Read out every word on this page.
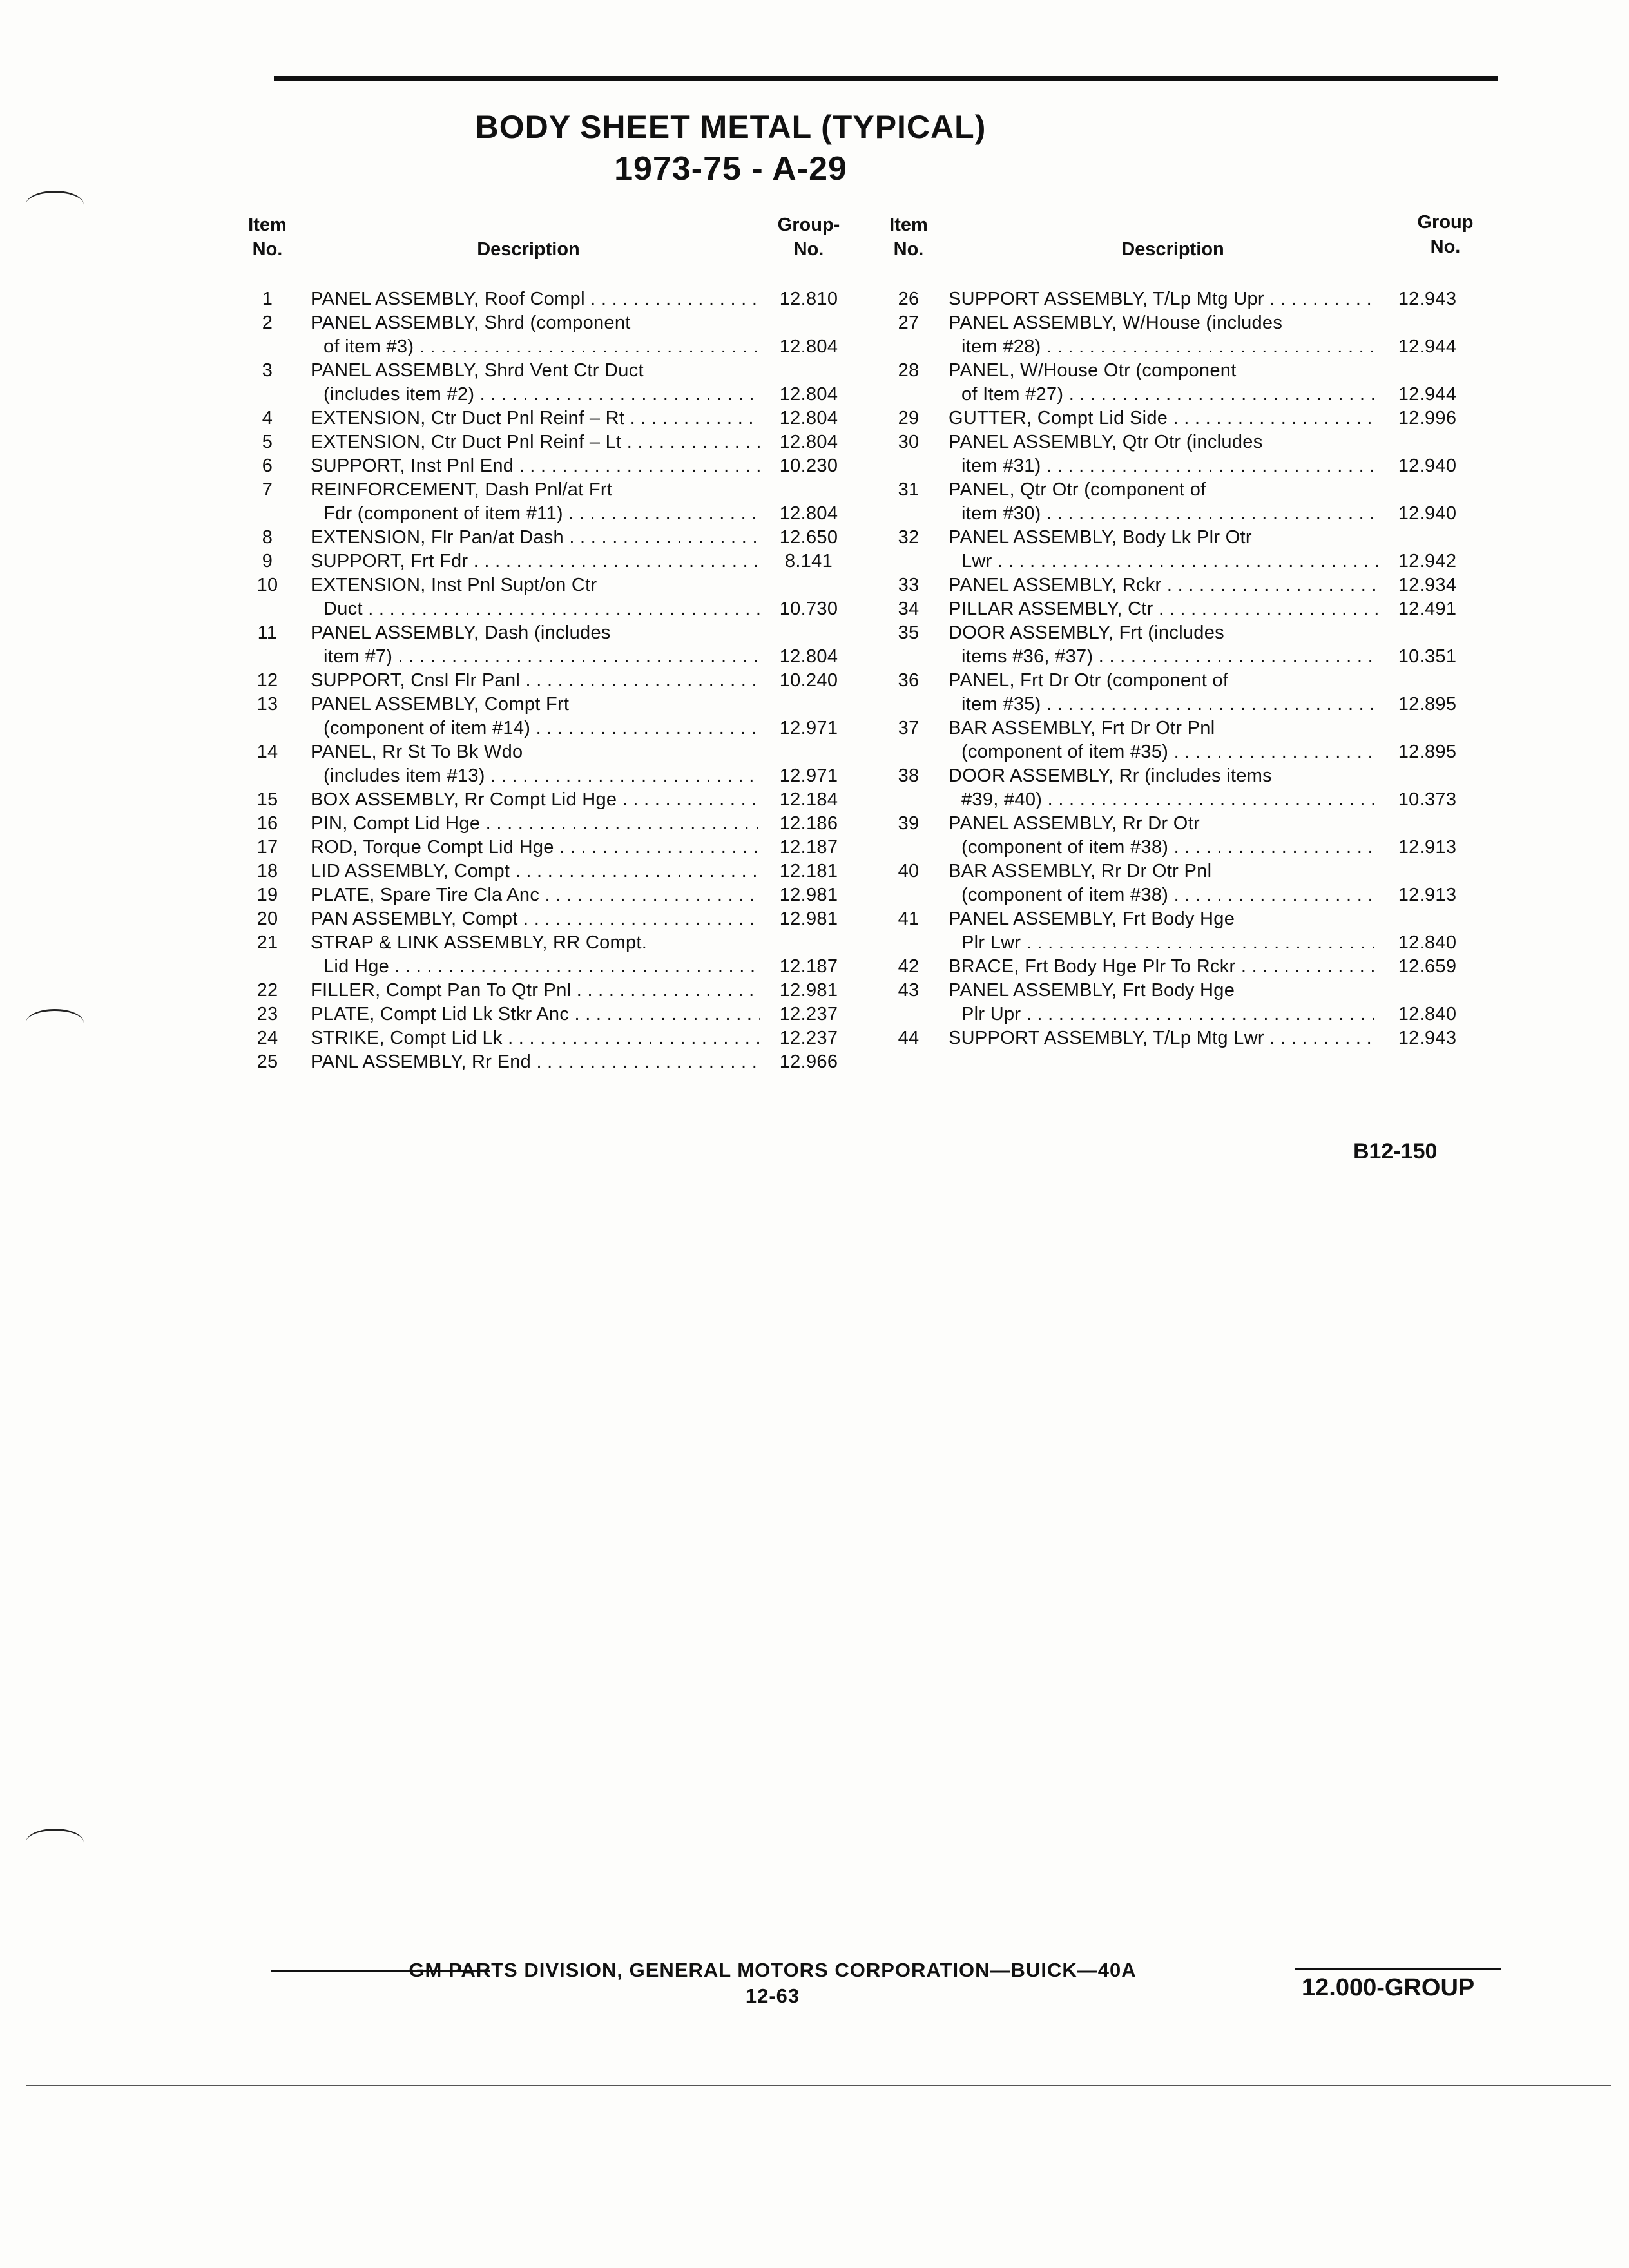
BODY SHEET METAL (TYPICAL)
1973-75 - A-29
Item
No.	Description
Group-
No.
Item
No.	Description
Group
No.
1	PANEL ASSEMBLY, Roof Compl . . .	12.810
2	PANEL ASSEMBLY, Shrd (component
of item #3) . . .	12.804
3	PANEL ASSEMBLY, Shrd Vent Ctr Duct
(includes item #2) . . .	12.804
4	EXTENSION, Ctr Duct Pnl Reinf – Rt . . .	12.804
5	EXTENSION, Ctr Duct Pnl Reinf – Lt . . .	12.804
6	SUPPORT, Inst Pnl End . . .	10.230
7	REINFORCEMENT, Dash Pnl/at Frt
Fdr (component of item #11) . . .	12.804
8	EXTENSION, Flr Pan/at Dash . . .	12.650
9	SUPPORT, Frt Fdr . . .	8.141
10	EXTENSION, Inst Pnl Supt/on Ctr
Duct . . .	10.730
11	PANEL ASSEMBLY, Dash (includes
item #7) . . .	12.804
12	SUPPORT, Cnsl Flr Panl . . .	10.240
13	PANEL ASSEMBLY, Compt Frt
(component of item #14) . . .	12.971
14	PANEL, Rr St To Bk Wdo
(includes item #13) . . .	12.971
15	BOX ASSEMBLY, Rr Compt Lid Hge . . .	12.184
16	PIN, Compt Lid Hge . . .	12.186
17	ROD, Torque Compt Lid Hge . . .	12.187
18	LID ASSEMBLY, Compt . . .	12.181
19	PLATE, Spare Tire Cla Anc . . .	12.981
20	PAN ASSEMBLY, Compt . . .	12.981
21	STRAP & LINK ASSEMBLY, RR Compt.
Lid Hge . . .	12.187
22	FILLER, Compt Pan To Qtr Pnl . . .	12.981
23	PLATE, Compt Lid Lk Stkr Anc . . .	12.237
24	STRIKE, Compt Lid Lk . . .	12.237
25	PANL ASSEMBLY, Rr End . . .	12.966
26	SUPPORT ASSEMBLY, T/Lp Mtg Upr . . .	12.943
27	PANEL ASSEMBLY, W/House (includes
item #28) . . .	12.944
28	PANEL, W/House Otr (component
of Item #27) . . .	12.944
29	GUTTER, Compt Lid Side . . .	12.996
30	PANEL ASSEMBLY, Qtr Otr (includes
item #31) . . .	12.940
31	PANEL, Qtr Otr (component of
item #30) . . .	12.940
32	PANEL ASSEMBLY, Body Lk Plr Otr
Lwr . . .	12.942
33	PANEL ASSEMBLY, Rckr . . .	12.934
34	PILLAR ASSEMBLY, Ctr . . .	12.491
35	DOOR ASSEMBLY, Frt (includes
items #36, #37) . . .	10.351
36	PANEL, Frt Dr Otr (component of
item #35) . . .	12.895
37	BAR ASSEMBLY, Frt Dr Otr Pnl
(component of item #35) . . .	12.895
38	DOOR ASSEMBLY, Rr (includes items
#39, #40) . . .	10.373
39	PANEL ASSEMBLY, Rr Dr Otr
(component of item #38) . . .	12.913
40	BAR ASSEMBLY, Rr Dr Otr Pnl
(component of item #38) . . .	12.913
41	PANEL ASSEMBLY, Frt Body Hge
Plr Lwr . . .	12.840
42	BRACE, Frt Body Hge Plr To Rckr . . .	12.659
43	PANEL ASSEMBLY, Frt Body Hge
Plr Upr . . .	12.840
44	SUPPORT ASSEMBLY, T/Lp Mtg Lwr . . .	12.943
B12-150
GM PARTS DIVISION, GENERAL MOTORS CORPORATION—BUICK—40A
12-63	12.000-GROUP
